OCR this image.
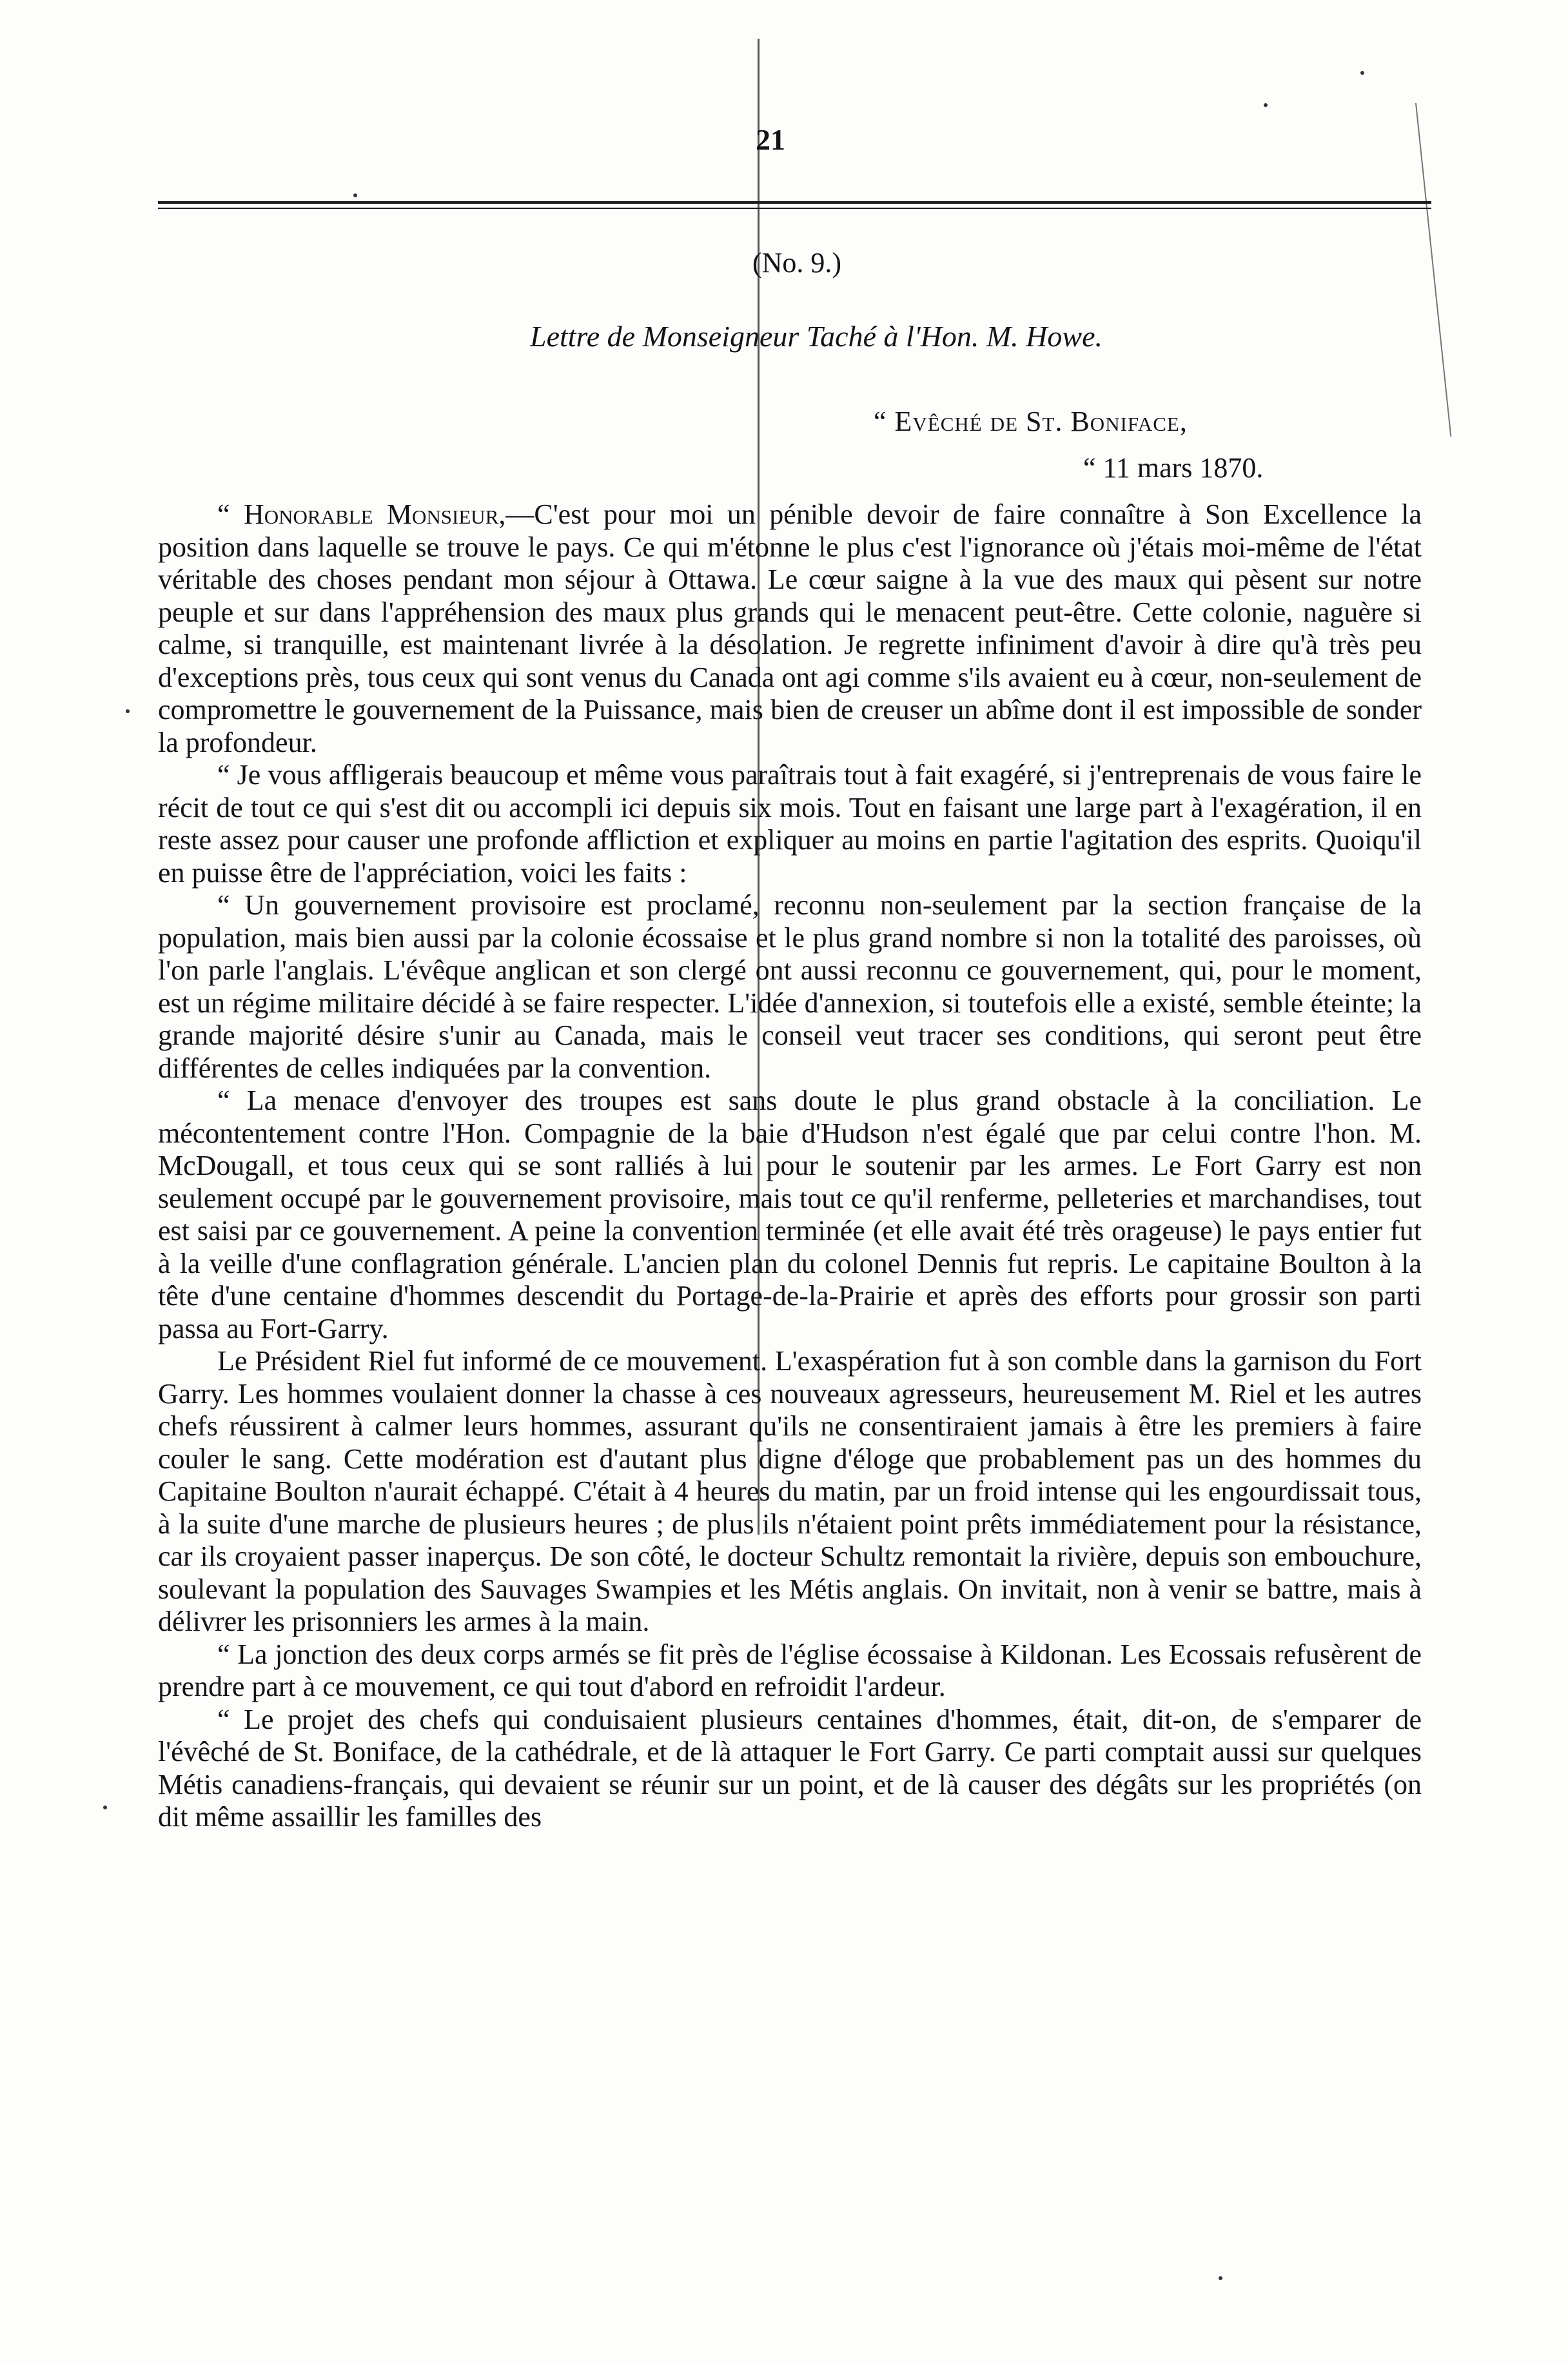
21
(No. 9.)
Lettre de Monseigneur Taché à l'Hon. M. Howe.
“ Evêché de St. Boniface,
“ 11 mars 1870.

“ Honorable Monsieur,—C'est pour moi un pénible devoir de faire connaître à Son Excellence la position dans laquelle se trouve le pays. Ce qui m'étonne le plus c'est l'ignorance où j'étais moi-même de l'état véritable des choses pendant mon séjour à Ottawa. Le cœur saigne à la vue des maux qui pèsent sur notre peuple et sur dans l'appréhension des maux plus grands qui le menacent peut-être. Cette colonie, naguère si calme, si tranquille, est maintenant livrée à la désolation. Je regrette infiniment d'avoir à dire qu'à très peu d'exceptions près, tous ceux qui sont venus du Canada ont agi comme s'ils avaient eu à cœur, non-seulement de compromettre le gouvernement de la Puissance, mais bien de creuser un abîme dont il est impossible de sonder la profondeur.

“ Je vous affligerais beaucoup et même vous paraîtrais tout à fait exagéré, si j'entreprenais de vous faire le récit de tout ce qui s'est dit ou accompli ici depuis six mois. Tout en faisant une large part à l'exagération, il en reste assez pour causer une profonde affliction et expliquer au moins en partie l'agitation des esprits. Quoiqu'il en puisse être de l'appréciation, voici les faits :

“ Un gouvernement provisoire est proclamé, reconnu non-seulement par la section française de la population, mais bien aussi par la colonie écossaise et le plus grand nombre si non la totalité des paroisses, où l'on parle l'anglais. L'évêque anglican et son clergé ont aussi reconnu ce gouvernement, qui, pour le moment, est un régime militaire décidé à se faire respecter. L'idée d'annexion, si toutefois elle a existé, semble éteinte; la grande majorité désire s'unir au Canada, mais le conseil veut tracer ses conditions, qui seront peut être différentes de celles indiquées par la convention.

“ La menace d'envoyer des troupes est sans doute le plus grand obstacle à la conciliation. Le mécontentement contre l'Hon. Compagnie de la baie d'Hudson n'est égalé que par celui contre l'hon. M. McDougall, et tous ceux qui se sont ralliés à lui pour le soutenir par les armes. Le Fort Garry est non seulement occupé par le gouvernement provisoire, mais tout ce qu'il renferme, pelleteries et marchandises, tout est saisi par ce gouvernement. A peine la convention terminée (et elle avait été très orageuse) le pays entier fut à la veille d'une conflagration générale. L'ancien plan du colonel Dennis fut repris. Le capitaine Boulton à la tête d'une centaine d'hommes descendit du Portage-de-la-Prairie et après des efforts pour grossir son parti passa au Fort-Garry.

Le Président Riel fut informé de ce mouvement. L'exaspération fut à son comble dans la garnison du Fort Garry. Les hommes voulaient donner la chasse à ces nouveaux agresseurs, heureusement M. Riel et les autres chefs réussirent à calmer leurs hommes, assurant qu'ils ne consentiraient jamais à être les premiers à faire couler le sang. Cette modération est d'autant plus digne d'éloge que probablement pas un des hommes du Capitaine Boulton n'aurait échappé. C'était à 4 heures du matin, par un froid intense qui les engourdissait tous, à la suite d'une marche de plusieurs heures ; de plus ils n'étaient point prêts immédiatement pour la résistance, car ils croyaient passer inaperçus. De son côté, le docteur Schultz remontait la rivière, depuis son embouchure, soulevant la population des Sauvages Swampies et les Métis anglais. On invitait, non à venir se battre, mais à délivrer les prisonniers les armes à la main.

“ La jonction des deux corps armés se fit près de l'église écossaise à Kildonan. Les Ecossais refusèrent de prendre part à ce mouvement, ce qui tout d'abord en refroidit l'ardeur.

“ Le projet des chefs qui conduisaient plusieurs centaines d'hommes, était, dit-on, de s'emparer de l'évêché de St. Boniface, de la cathédrale, et de là attaquer le Fort Garry. Ce parti comptait aussi sur quelques Métis canadiens-français, qui devaient se réunir sur un point, et de là causer des dégâts sur les propriétés (on dit même assaillir les familles des
